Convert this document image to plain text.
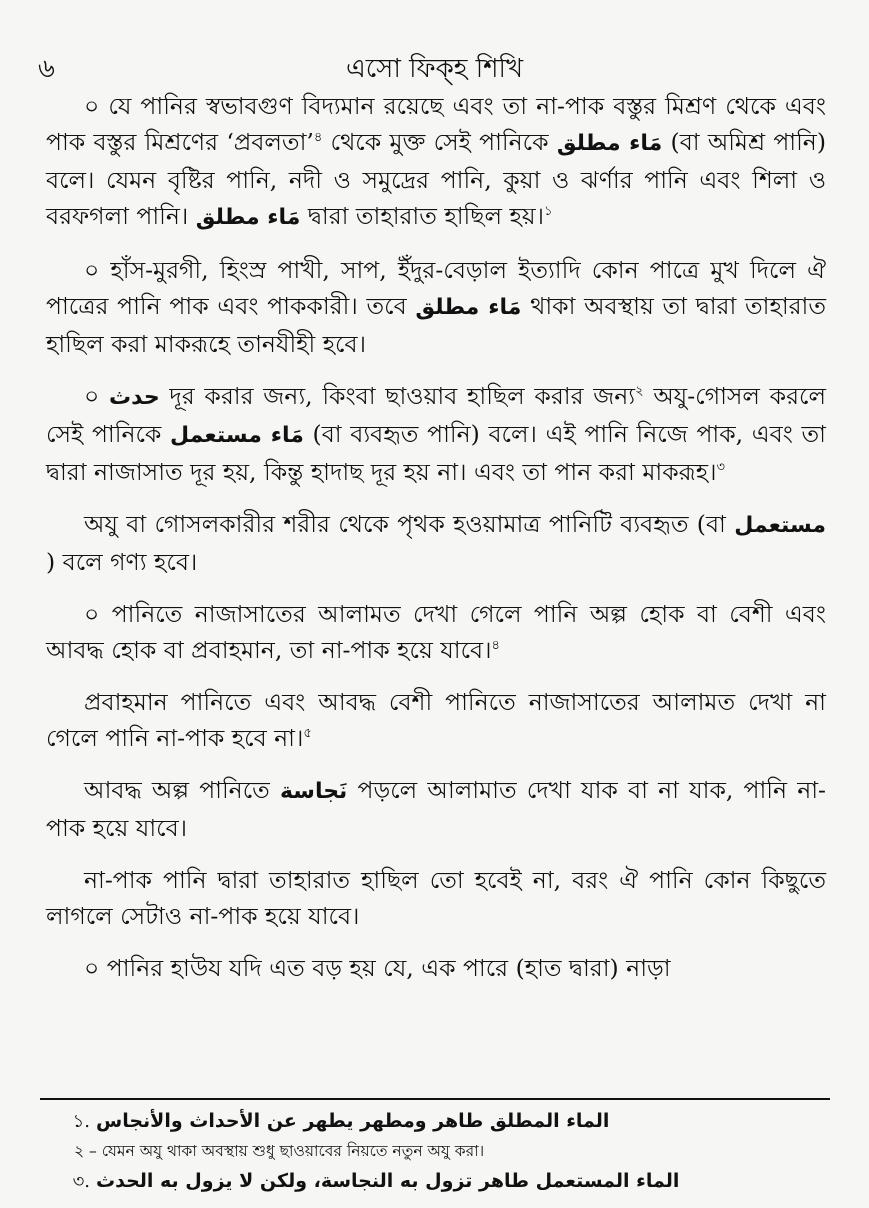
৬	এসো ফিক্‌হ শিখি

০ যে পানির স্বভাবগুণ বিদ্যমান রয়েছে এবং তা না-পাক বস্তুর মিশ্রণ থেকে এবং পাক বস্তুর মিশ্রণের ‘প্রবলতা’$^৪$ থেকে মুক্ত সেই পানিকে مَاء مطلق (বা অমিশ্র পানি) বলে। যেমন বৃষ্টির পানি, নদী ও সমুদ্রের পানি, কুয়া ও ঝর্ণার পানি এবং শিলা ও বরফগলা পানি। مَاء مطلق দ্বারা তাহারাত হাছিল হয়।$^১$

০ হাঁস-মুরগী, হিংস্র পাখী, সাপ, ইঁদুর-বেড়াল ইত্যাদি কোন পাত্রে মুখ দিলে ঐ পাত্রের পানি পাক এবং পাককারী। তবে مَاء مطلق থাকা অবস্থায় তা দ্বারা তাহারাত হাছিল করা মাকরূহে তানযীহী হবে।

০ حدث দূর করার জন্য, কিংবা ছাওয়াব হাছিল করার জন্য$^২$ অযু-গোসল করলে সেই পানিকে مَاء مستعمل (বা ব্যবহৃত পানি) বলে। এই পানি নিজে পাক, এবং তা দ্বারা নাজাসাত দূর হয়, কিন্তু হাদাছ দূর হয় না। এবং তা পান করা মাকরূহ।$^৩$

অযু বা গোসলকারীর শরীর থেকে পৃথক হওয়ামাত্র পানিটি ব্যবহৃত (বা مستعمل ) বলে গণ্য হবে।

০ পানিতে নাজাসাতের আলামত দেখা গেলে পানি অল্প হোক বা বেশী এবং আবদ্ধ হোক বা প্রবাহমান, তা না-পাক হয়ে যাবে।$^৪$

প্রবাহমান পানিতে এবং আবদ্ধ বেশী পানিতে নাজাসাতের আলামত দেখা না গেলে পানি না-পাক হবে না।$^৫$

আবদ্ধ অল্প পানিতে نَجاسة পড়লে আলামাত দেখা যাক বা না যাক, পানি না-পাক হয়ে যাবে।

না-পাক পানি দ্বারা তাহারাত হাছিল তো হবেই না, বরং ঐ পানি কোন কিছুতে লাগলে সেটাও না-পাক হয়ে যাবে।

০ পানির হাউয যদি এত বড় হয় যে, এক পারে (হাত দ্বারা) নাড়া

১. الماء المطلق طاهر ومطهر يطهر عن الأحداث والأنجاس
২ – যেমন অযু থাকা অবস্থায় শুধু ছাওয়াবের নিয়তে নতুন অযু করা।
৩. الماء المستعمل طاهر تزول به النجاسة، ولكن لا يزول به الحدث
